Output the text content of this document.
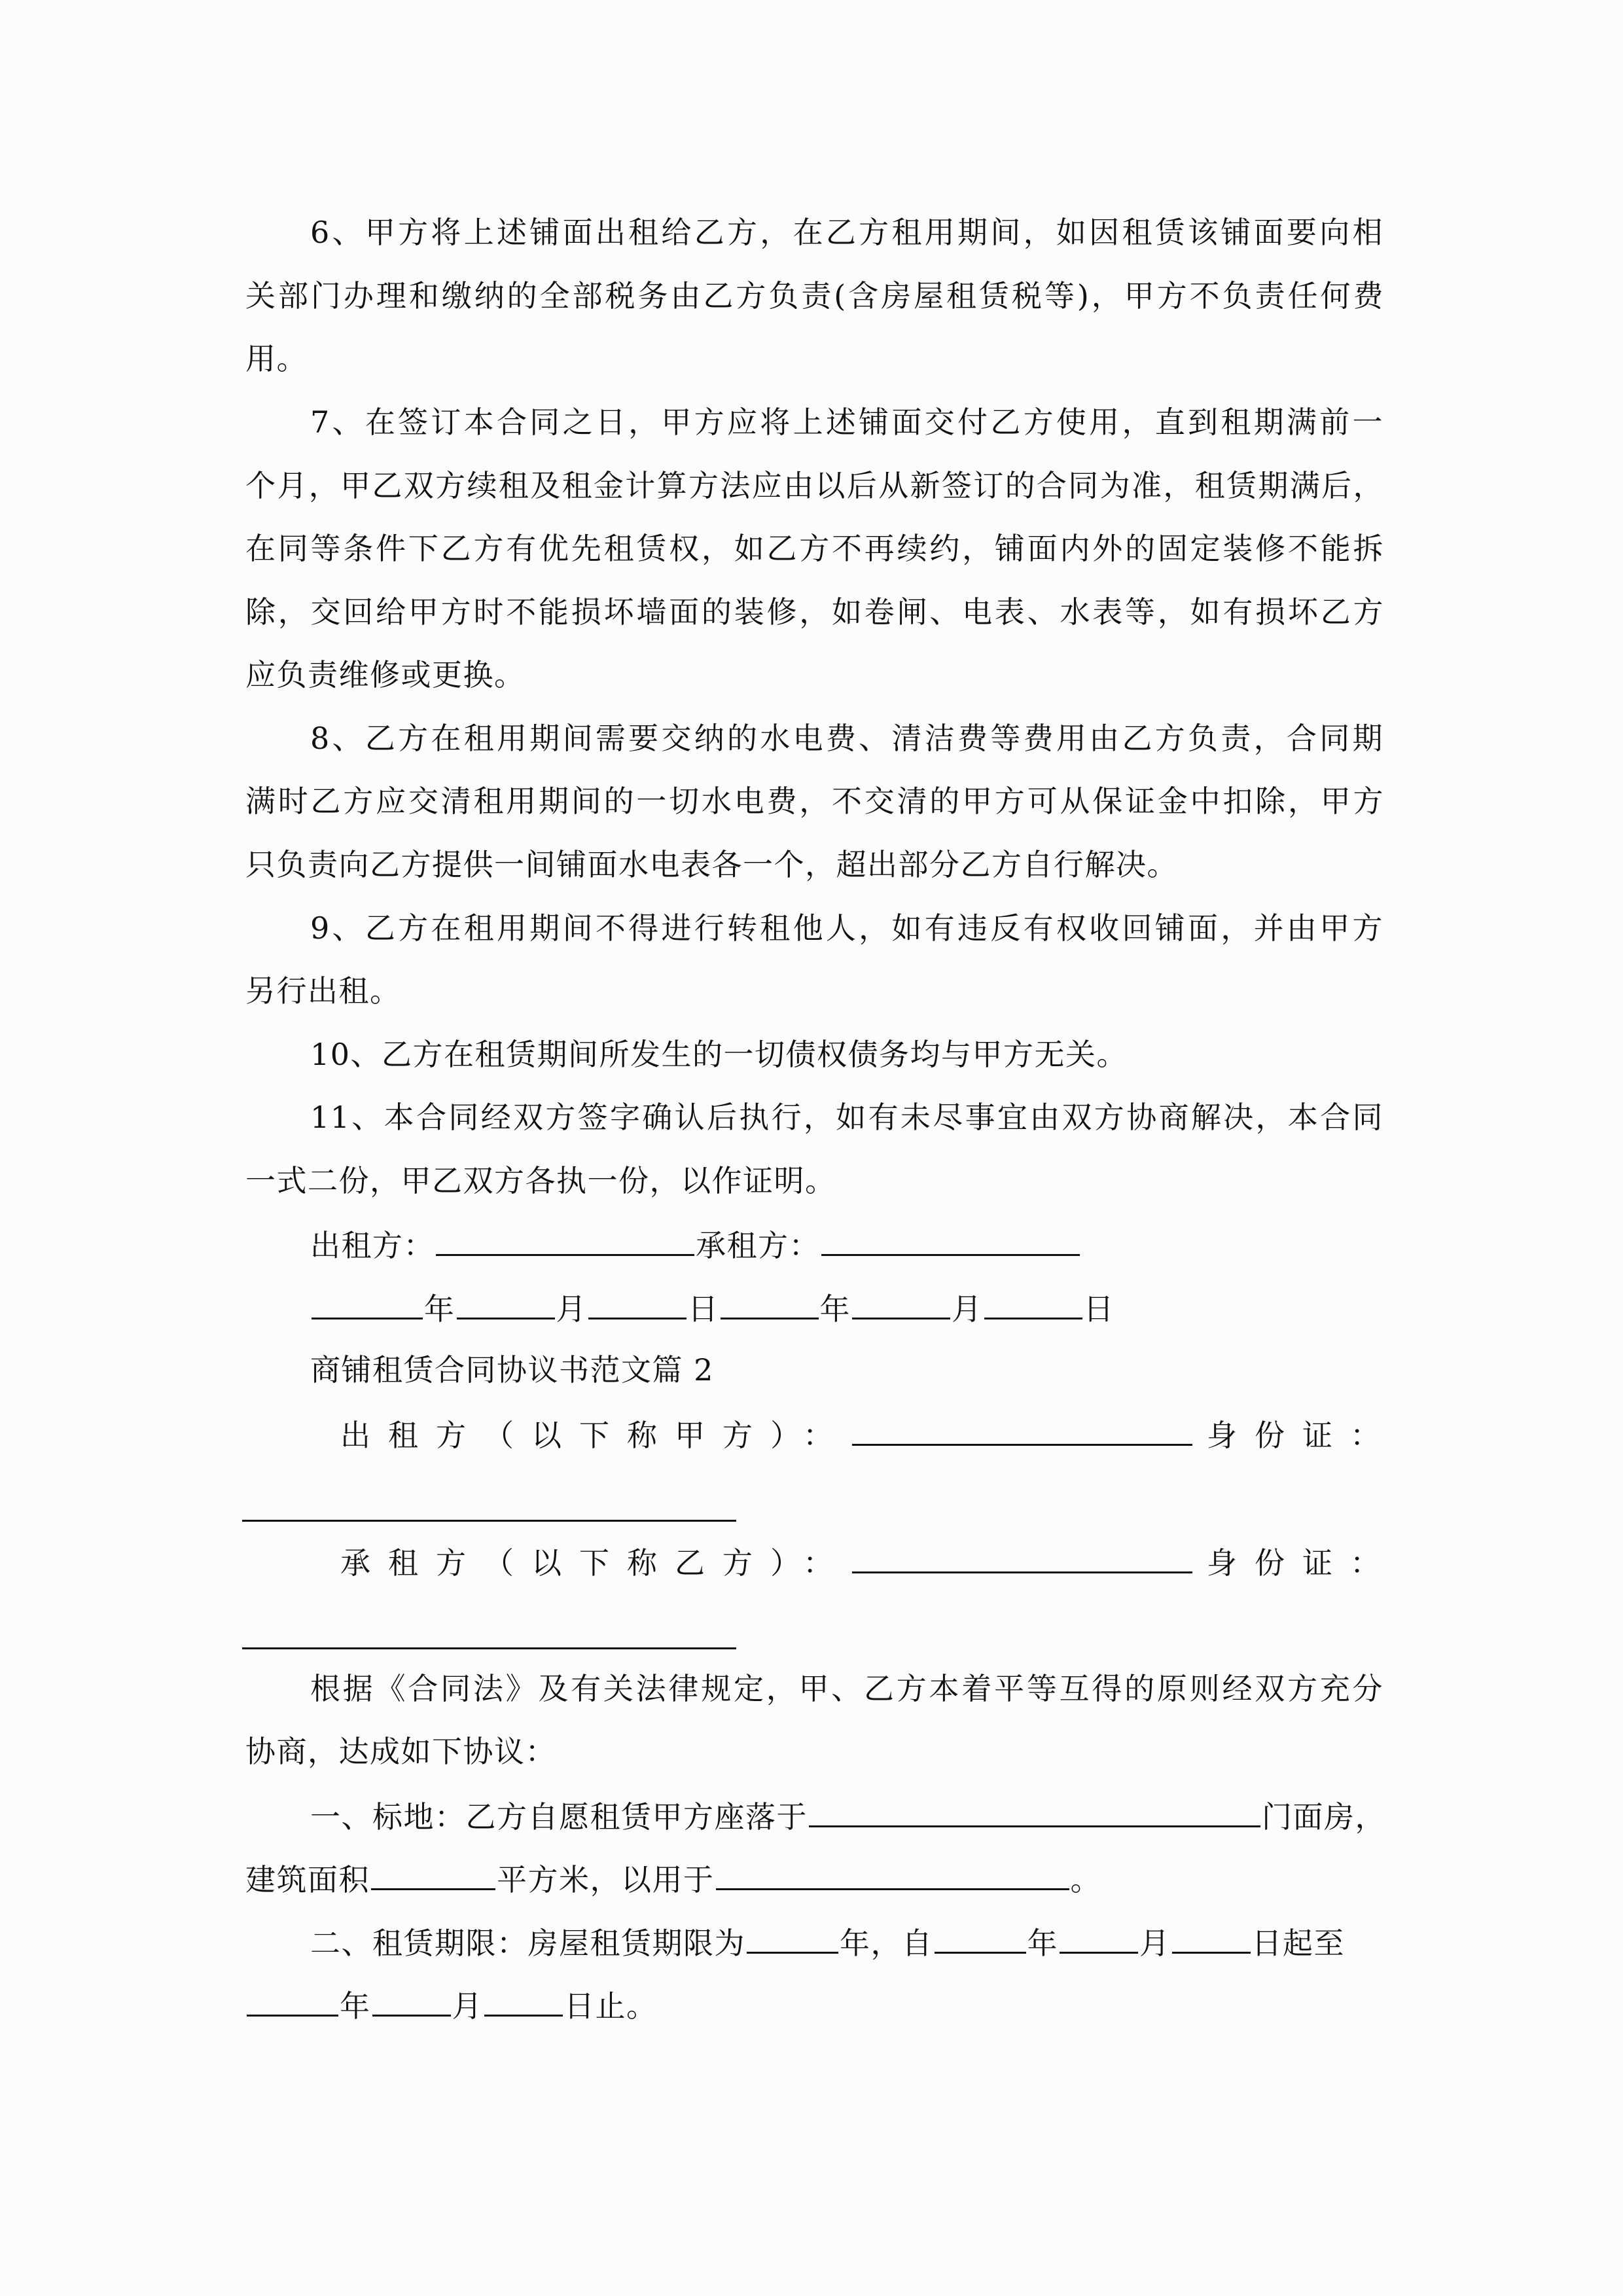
6、甲方将上述铺面出租给乙方，在乙方租用期间，如因租赁该铺面要向相
关部门办理和缴纳的全部税务由乙方负责(含房屋租赁税等)，甲方不负责任何费
用。
7、在签订本合同之日，甲方应将上述铺面交付乙方使用，直到租期满前一
个月，甲乙双方续租及租金计算方法应由以后从新签订的合同为准，租赁期满后，
在同等条件下乙方有优先租赁权，如乙方不再续约，铺面内外的固定装修不能拆
除，交回给甲方时不能损坏墙面的装修，如卷闸、电表、水表等，如有损坏乙方
应负责维修或更换。
8、乙方在租用期间需要交纳的水电费、清洁费等费用由乙方负责，合同期
满时乙方应交清租用期间的一切水电费，不交清的甲方可从保证金中扣除，甲方
只负责向乙方提供一间铺面水电表各一个，超出部分乙方自行解决。
9、乙方在租用期间不得进行转租他人，如有违反有权收回铺面，并由甲方
另行出租。
10、乙方在租赁期间所发生的一切债权债务均与甲方无关。
11、本合同经双方签字确认后执行，如有未尽事宜由双方协商解决，本合同
一式二份，甲乙双方各执一份，以作证明。
出租方：	承租方：
年	月	日	年	月	日
商铺租赁合同协议书范文篇 2
出租方（以下称甲方）：	身份证：
承租方（以下称乙方）：	身份证：
根据《合同法》及有关法律规定，甲、乙方本着平等互得的原则经双方充分
协商，达成如下协议：
一、标地：乙方自愿租赁甲方座落于	门面房，
建筑面积	平方米，以用于	。
二、租赁期限：房屋租赁期限为	年，自	年	月	日起至
年	月	日止。
